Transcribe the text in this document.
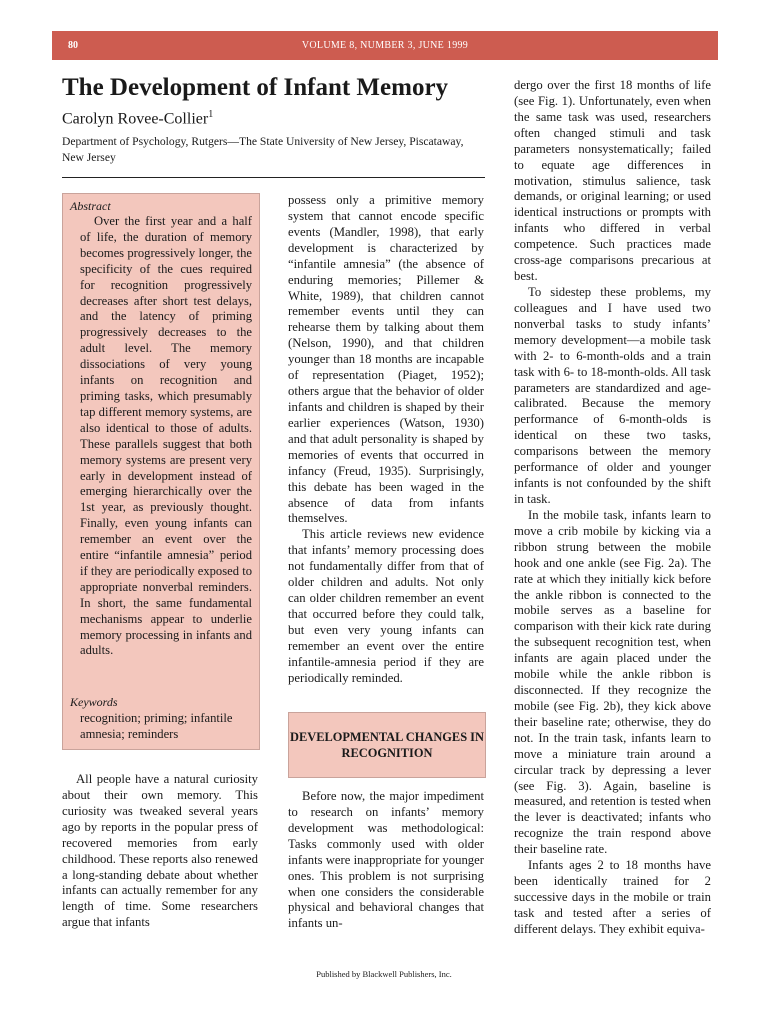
80	VOLUME 8, NUMBER 3, JUNE 1999
The Development of Infant Memory
Carolyn Rovee-Collier$^1$
Department of Psychology, Rutgers—The State University of New Jersey, Piscataway, New Jersey
Abstract

Over the first year and a half of life, the duration of memory becomes progressively longer, the specificity of the cues required for recognition progressively decreases after short test delays, and the latency of priming progressively decreases to the adult level. The memory dissociations of very young infants on recognition and priming tasks, which presumably tap different memory systems, are also identical to those of adults. These parallels suggest that both memory systems are present very early in development instead of emerging hierarchically over the 1st year, as previously thought. Finally, even young infants can remember an event over the entire “infantile amnesia” period if they are periodically exposed to appropriate nonverbal reminders. In short, the same fundamental mechanisms appear to underlie memory processing in infants and adults.

Keywords
recognition; priming; infantile amnesia; reminders

All people have a natural curiosity about their own memory. This curiosity was tweaked several years ago by reports in the popular press of recovered memories from early childhood. These reports also renewed a long-standing debate about whether infants can actually remember for any length of time. Some researchers argue that infants

possess only a primitive memory system that cannot encode specific events (Mandler, 1998), that early development is characterized by “infantile amnesia” (the absence of enduring memories; Pillemer & White, 1989), that children cannot remember events until they can rehearse them by talking about them (Nelson, 1990), and that children younger than 18 months are incapable of representation (Piaget, 1952); others argue that the behavior of older infants and children is shaped by their earlier experiences (Watson, 1930) and that adult personality is shaped by memories of events that occurred in infancy (Freud, 1935). Surprisingly, this debate has been waged in the absence of data from infants themselves.

This article reviews new evidence that infants’ memory processing does not fundamentally differ from that of older children and adults. Not only can older children remember an event that occurred before they could talk, but even very young infants can remember an event over the entire infantile-amnesia period if they are periodically reminded.

DEVELOPMENTAL CHANGES IN RECOGNITION

Before now, the major impediment to research on infants’ memory development was methodological: Tasks commonly used with older infants were inappropriate for younger ones. This problem is not surprising when one considers the considerable physical and behavioral changes that infants un-

dergo over the first 18 months of life (see Fig. 1). Unfortunately, even when the same task was used, researchers often changed stimuli and task parameters nonsystematically; failed to equate age differences in motivation, stimulus salience, task demands, or original learning; or used identical instructions or prompts with infants who differed in verbal competence. Such practices made cross-age comparisons precarious at best.

To sidestep these problems, my colleagues and I have used two nonverbal tasks to study infants’ memory development—a mobile task with 2- to 6-month-olds and a train task with 6- to 18-month-olds. All task parameters are standardized and age-calibrated. Because the memory performance of 6-month-olds is identical on these two tasks, comparisons between the memory performance of older and younger infants is not confounded by the shift in task.

In the mobile task, infants learn to move a crib mobile by kicking via a ribbon strung between the mobile hook and one ankle (see Fig. 2a). The rate at which they initially kick before the ankle ribbon is connected to the mobile serves as a baseline for comparison with their kick rate during the subsequent recognition test, when infants are again placed under the mobile while the ankle ribbon is disconnected. If they recognize the mobile (see Fig. 2b), they kick above their baseline rate; otherwise, they do not. In the train task, infants learn to move a miniature train around a circular track by depressing a lever (see Fig. 3). Again, baseline is measured, and retention is tested when the lever is deactivated; infants who recognize the train respond above their baseline rate.

Infants ages 2 to 18 months have been identically trained for 2 successive days in the mobile or train task and tested after a series of different delays. They exhibit equiva-

Published by Blackwell Publishers, Inc.
